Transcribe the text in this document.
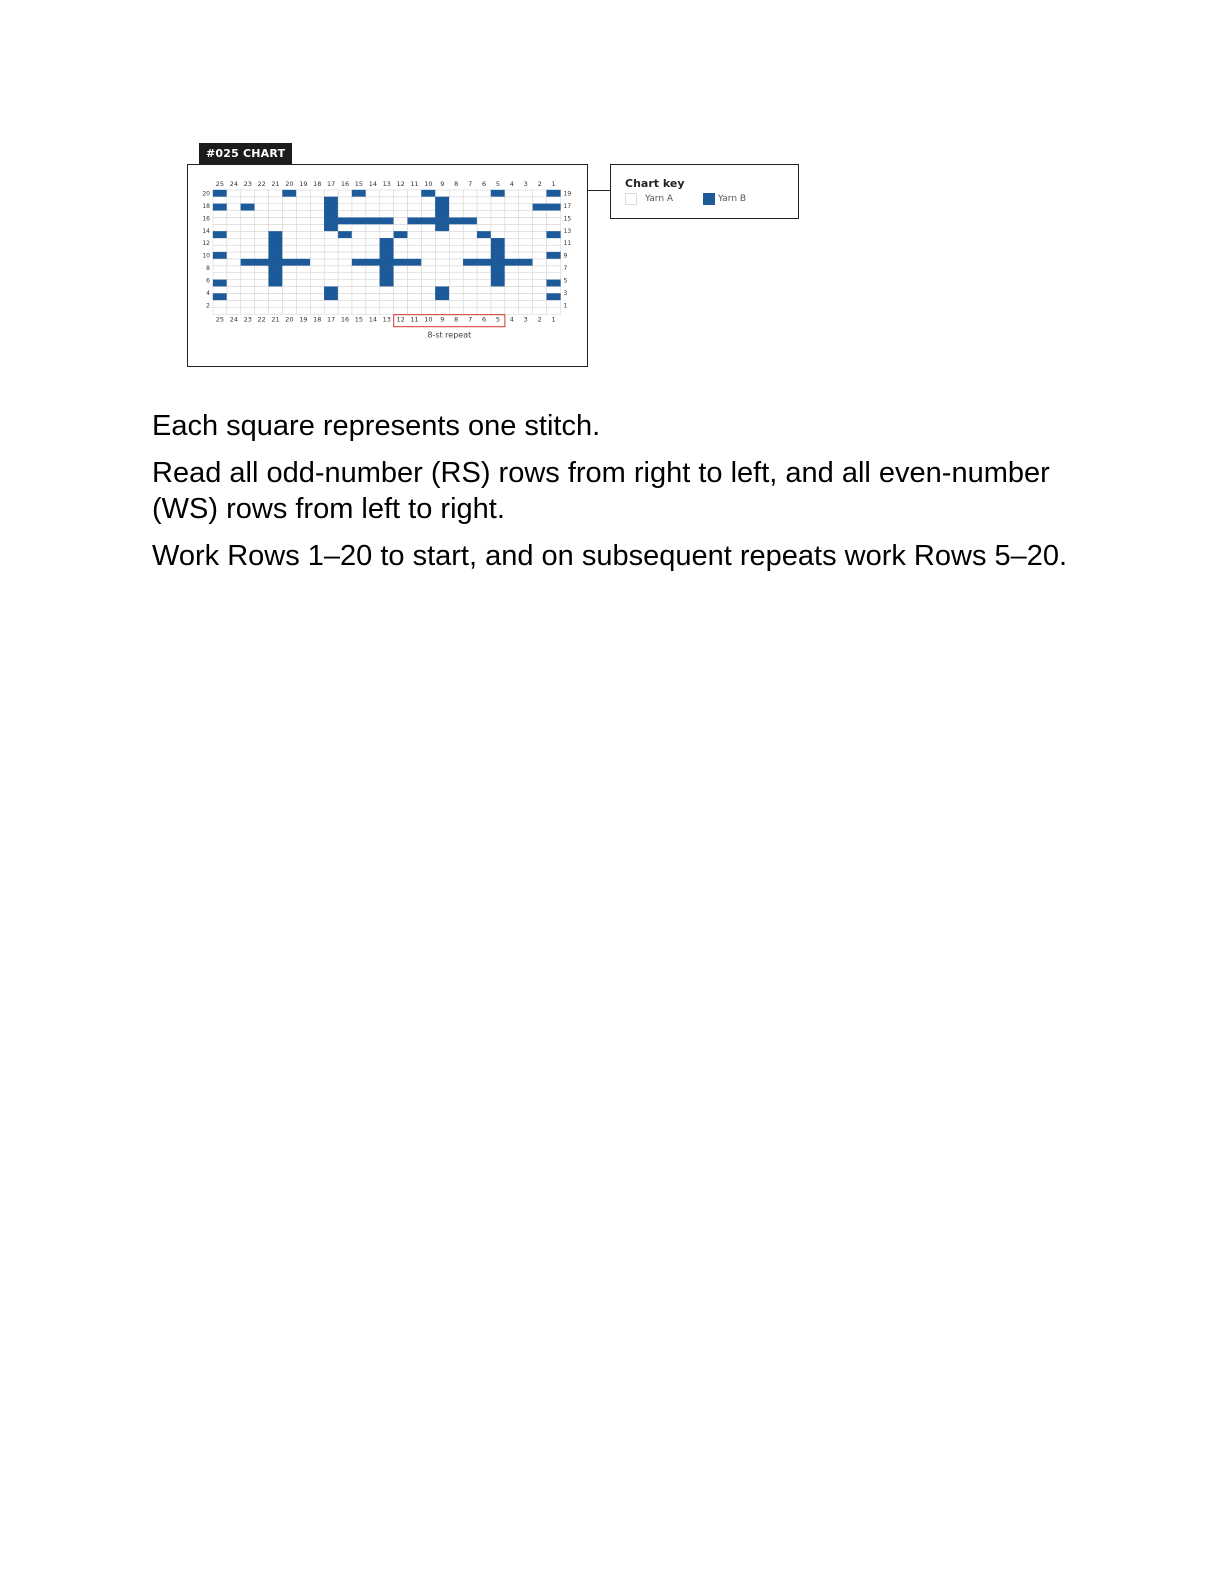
#025 CHART
25
25
24
24
23
23
22
22
21
21
20
20
19
19
18
18
17
17
16
16
15
15
14
14
13
13
12
12
11
11
10
10
9
9
8
8
7
7
6
6
5
5
4
4
3
3
2
2
1
1
20
18
16
14
12
10
8
6
4
2
19
17
15
13
11
9
7
5
3
1
8-st repeat
Chart key
Yarn A	Yarn B

Each square represents one stitch.

Read all odd-number (RS) rows from right to left, and all even-number (WS) rows from left to right.

Work Rows 1–20 to start, and on subsequent repeats work Rows 5–20.
